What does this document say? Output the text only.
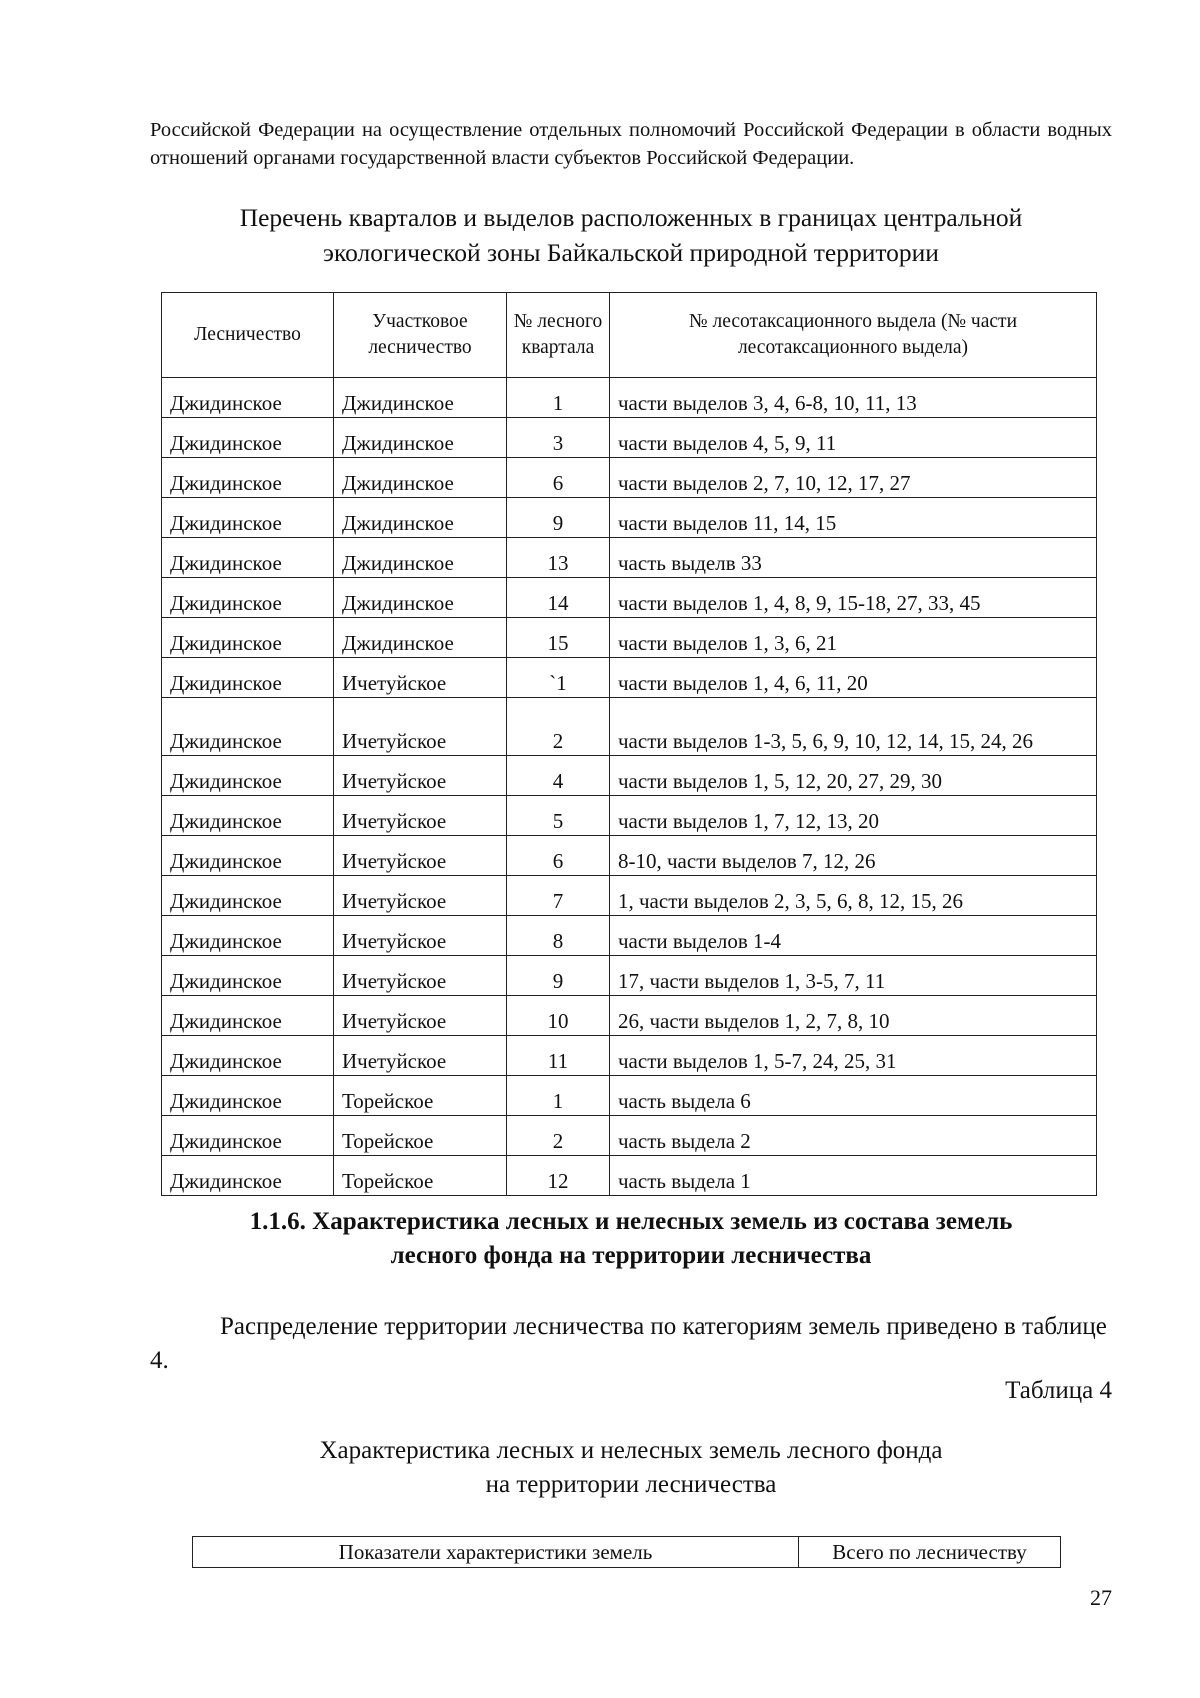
Российской Федерации на осуществление отдельных полномочий Российской Федерации в области водных отношений органами государственной власти субъектов Российской Федерации.

Перечень кварталов и выделов расположенных в границах центральной
экологической зоны Байкальской природной территории
Лесничество	Участковое лесничество	№ лесного квартала	№ лесотаксационного выдела (№ части лесотаксационного выдела)
Джидинское	Джидинское	1	части выделов 3, 4, 6-8, 10, 11, 13
Джидинское	Джидинское	3	части выделов 4, 5, 9, 11
Джидинское	Джидинское	6	части выделов 2, 7, 10, 12, 17, 27
Джидинское	Джидинское	9	части выделов 11, 14, 15
Джидинское	Джидинское	13	часть выделв 33
Джидинское	Джидинское	14	части выделов 1, 4, 8, 9, 15-18, 27, 33, 45
Джидинское	Джидинское	15	части выделов 1, 3, 6, 21
Джидинское	Ичетуйское	`1	части выделов 1, 4, 6, 11, 20
Джидинское	Ичетуйское	2	части выделов 1-3, 5, 6, 9, 10, 12, 14, 15, 24, 26
Джидинское	Ичетуйское	4	части выделов 1, 5, 12, 20, 27, 29, 30
Джидинское	Ичетуйское	5	части выделов 1, 7, 12, 13, 20
Джидинское	Ичетуйское	6	8-10, части выделов 7, 12, 26
Джидинское	Ичетуйское	7	1, части выделов 2, 3, 5, 6, 8, 12, 15, 26
Джидинское	Ичетуйское	8	части выделов 1-4
Джидинское	Ичетуйское	9	17, части выделов 1, 3-5, 7, 11
Джидинское	Ичетуйское	10	26, части выделов 1, 2, 7, 8, 10
Джидинское	Ичетуйское	11	части выделов 1, 5-7, 24, 25, 31
Джидинское	Торейское	1	часть выдела 6
Джидинское	Торейское	2	часть выдела 2
Джидинское	Торейское	12	часть выдела 1
1.1.6. Характеристика лесных и нелесных земель из состава земель
лесного фонда на территории лесничества

Распределение территории лесничества по категориям земель приведено в таблице 4.

Таблица 4

Характеристика лесных и нелесных земель лесного фонда
на территории лесничества
Показатели характеристики земель	Всего по лесничеству

27
